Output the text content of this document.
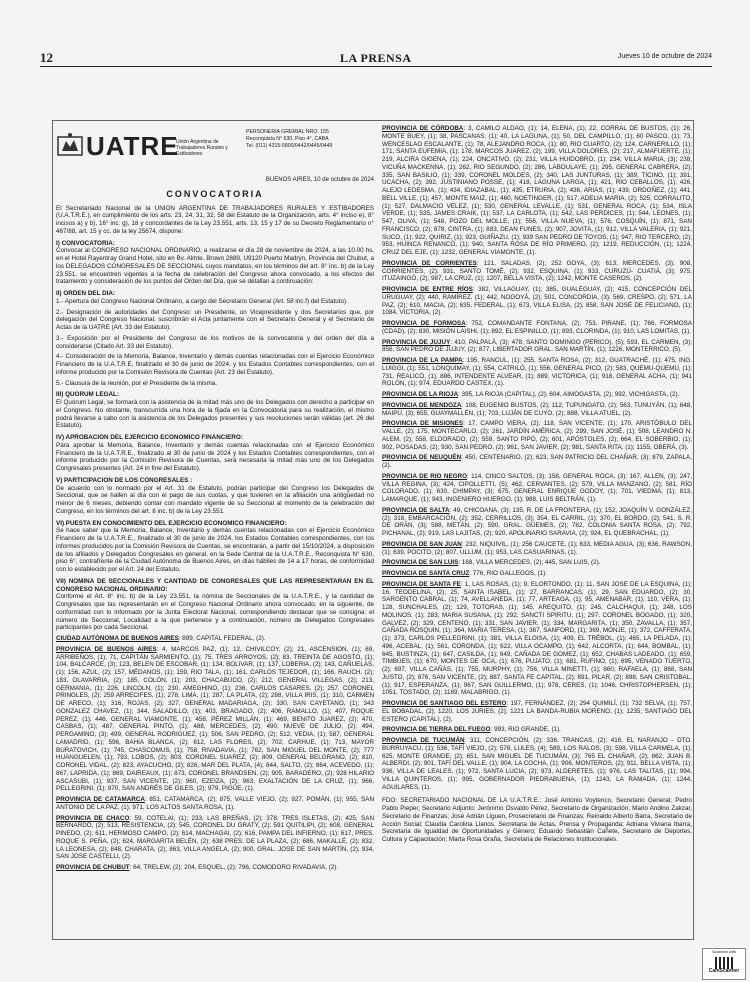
12	LA PRENSA	Jueves 10 de octubre de 2024
UATRE
Unión Argentina de Trabajadores Rurales y Estibadores
PERSONERIA GREMIAL NRO. 155
Reconquista N° 630, Piso 4°, CABA
Tel. (011) 4315-5800/0442/0445/0449
BUENOS AIRES, 10 de octubre de 2024
CONVOCATORIA

El Secretariado Nacional de la UNION ARGENTINA DE TRABAJADORES RURALES Y ESTIBADORES (U.A.T.R.E.), en cumplimiento de los arts. 23, 24, 31, 32, 58 del Estatuto de la Organización, arts. 4° inciso e), 8° incisos a) y b), 16° inc. g), 18 y concordantes de la Ley 23.551, arts. 13, 15 y 17 de su Decreto Reglamentario n° 467/88, art. 15 y cc. de la ley 25674, dispone:

I) CONVOCATORIA:

Convocar al CONGRESO NACIONAL ORDINARIO, a realizarse el día 28 de noviembre de 2024, a las 10.00 hs, en el Hotel Rayentray Grand Hotel, sito en Bv. Almte. Brown 2889, U9120 Puerto Madryn, Provincia del Chubut, a los DELEGADOS CONGRESALES DE SECCIONAL cuyos mandatos, en los términos del art. 8° inc. b) de la Ley 23.551, se encuentren vigentes a la fecha de celebración del Congreso ahora convocado, a los efectos del tratamiento y consideración de los puntos del Orden del Día, que se detallan a continuación:

II) ORDEN DEL DIA:

1.- Apertura del Congreso Nacional Ordinario, a cargo del Secretario General (Art. 58 inc.f) del Estatuto).

2.- Designación de autoridades del Congreso: un Presidente, un Vicepresidente y dos Secretarios que, por delegación del Congreso Nacional, suscribirán el Acta juntamente con el Secretario General y el Secretario de Actas de la UATRE (Art. 33 del Estatuto).

3.- Exposición por el Presidente del Congreso de los motivos de la convocatoria y del orden del día a considerarse (Citado Art. 33 del Estatuto).

4.- Consideración de la Memoria, Balance, Inventario y demás cuentas relacionadas con el Ejercicio Económico Financiero de la U.A.T.R.E, finalizado el 30 de junio de 2024, y los Estados Contables correspondientes, con el informe producido por la Comisión Revisora de Cuentas (Art. 23 del Estatuto).

5.- Clausura de la reunión, por el Presidente de la misma.

III) QUORUM LEGAL:

El Quórum Legal, se formará con la asistencia de la mitad más uno de los Delegados con derecho a participar en el Congreso. No obstante, transcurrida una hora de la fijada en la Convocatoria para su realización, el mismo podrá llevarse a cabo con la asistencia de los Delegados presentes y sus resoluciones serán válidas (art. 26 del Estatuto).

IV) APROBACION DEL EJERCICIO ECONOMICO FINANCIERO:

Para aprobar la Memoria, Balance, Inventario y demás cuentas relacionadas con el Ejercicio Económico Financiero de la U.A.T.R.E., finalizado al 30 de junio de 2024 y los Estados Contables correspondientes, con el informe producido por la Comisión Revisora de Cuentas, será necesaria la mitad más uno de los Delegados Congresales presentes (Art. 24 in fine del Estatuto).

V) PARTICIPACION DE LOS CONGRESALES :

De acuerdo con lo normado por el Art. 31 de Estatuto, podrán participar del Congreso los Delegados de Seccional, que se hallen al día con el pago de sus cuotas, y que tuvieren en la afiliación una antigüedad no menor de 6 meses, debiendo contar con mandato vigente de su Seccional al momento de la celebración del Congreso, en los términos del art. 8 inc. b) de la Ley 23.551.

VI) PUESTA EN CONOCIMIENTO DEL EJERCICIO ECONOMICO FINANCIERO:

Se hace saber que la Memoria, Balance, Inventario y demás cuentas relacionadas con el Ejercicio Económico Financiero de la U.A.T.R.E., finalizado el 30 de junio de 2024, los Estados Contables correspondientes, con los informes producidos por la Comisión Revisora de Cuentas, se encontrarán, a partir del 15/10/2024, a disposición de los afiliados y Delegados Congresales en general, en la Sede Central de la U.A.T.R.E., Reconquista N° 630, piso 6°, contrafrente de la Ciudad Autónoma de Buenos Aires, en días hábiles de 14 a 17 horas, de conformidad con lo establecido por el Art. 24 del Estatuto.

VII) NOMINA DE SECCIONALES Y CANTIDAD DE CONGRESALES QUE LAS REPRESENTARAN EN EL CONGRESO NACIONAL ORDINARIO:

Conforme el Art. 8° inc. b) de la Ley 23.551, la nómina de Seccionales de la U.A.T.R.E., y la cantidad de Congresales que las representarán en el Congreso Nacional Ordinario ahora convocado, en la siguiente, de conformidad con lo informado por la Junta Electoral Nacional, correspondiendo destacar que se consigna: el número de Seccional, Localidad a la que pertenece y a continuación, número de Delegados Congresales participantes por cada Seccional.

CIUDAD AUTÓNOMA DE BUENOS AIRES: 899, CAPITAL FEDERAL, (2).

PROVINCIA DE BUENOS AIRES: 4, MARCOS PAZ, (1); 12, CHIVILCOY, (2); 21, ASCENSION, (1); 69, ARRIBEÑOS, (1); 71, CAPITÁN SARMIENTO, (1); 75, TRES ARROYOS, (2); 83, TREINTA DE AGOSTO, (1); 104, BALCARCE, (3); 123, BELEN DE ESCOBAR, (1); 134, BOLIVAR, (1); 137, LOBERIA, (2); 143, CAÑUELAS, (1); 156, AZUL, (2); 157, MÉDANOS, (1); 159, RIO TALA, (1); 161, CARLOS TEJEDOR, (1); 166, RAUCH, (2); 183, OLAVARRIA, (2); 185, COLÓN, (1); 203, CHACABUCO, (2); 212, GENERAL VILLEGAS, (2); 213, GERMANIA, (1); 226, LINCOLN, (1); 230, AMEGHINO, (1); 236, CARLOS CASARES, (2); 257, CORONEL PRINGLES, (2); 259 ARRECIFES, (1); 278, LIMA, (1); 287, LA PLATA, (2); 288, VILLA IRIS, (1); 310, CARMEN DE ARECO, (1); 316, ROJAS, (2); 327, GENERAL MADARIAGA, (2); 330, SAN CAYETANO, (1); 343 GONZALEZ CHAVEZ, (1); 344, SALADILLO, (1); 403, BRAGADO, (2); 406, RAMALLO, (1); 407, ROQUE PEREZ, (1); 446, GENERAL VIAMONTE, (1); 458, PÉREZ MILLÁN, (1); 469, BENITO JUAREZ, (2); 470, CASBAS, (1); 487, GENERAL PINTO, (1); 488, MERCEDES, (2); 490, NUEVE DE JULIO, (2); 494, PERGAMINO, (3); 499, GENERAL RODRIGUEZ, (1); 506, SAN PEDRO, (2); 512, VEDIA, (1); 587, GENERAL LAMADRID, (1); 596, BAHIA BLANCA, (2); 612, LAS FLORES, (2); 702, CARHUE, (1); 713, MAYOR BURATOVICH, (1); 745, CHASCOMUS, (1); 758, RIVADAVIA, (1); 762, SAN MIGUEL DEL MONTE, (2); 777 HUANGUELEN, (1); 793, LOBOS, (2); 803, CORONEL SUAREZ, (2); 809, GENERAL BELGRANO, (2); 810, CORONEL VIDAL, (2); 823, AYACUCHO, (2); 826, MAR DEL PLATA, (4); 844, SALTO, (2); 864, ACEVEDO, (1); 867, LAPRIDA, (1); 869, DAIREAUX, (1); 873, CORONEL BRANDSEN, (2); 905, BARADERO, (2); 928 HILARIO ASCASUBI, (1); 937, SAN VICENTE, (2); 960, EZEIZA, (2); 963, EXALTACIÓN DE LA CRUZ, (1); 966, PELLEGRINI, (1); 970, SAN ANDRÉS DE GILES, (2); 979, PIGÜE, (1).

PROVINCIA DE CATAMARCA: 851, CATAMARCA, (2); 875, VALLE VIEJO, (2); 927, POMÁN, (1); 955, SAN ANTONIO DE LA PAZ, (1); 971, LOS ALTOS SANTA ROSA, (1).

PROVINCIA DE CHACO: 59, COTELAI, (1); 233, LAS BREÑAS, (2); 378, TRES ISLETAS, (2); 425, SAN BERNARDO, (2); 513, RESISTENCIA, (2); 545, CORONEL DU GRATY, (2); 591 QUITILIPI, (2); 608, GENERAL PINEDO, (2); 611, HERMOSO CAMPO, (2); 614, MACHAGAI, (2); 616, PAMPA DEL INFIERNO, (1); 617, PRES. ROQUE S. PEÑA, (2); 624, MARGARITA BELÉN, (2); 638 PRES. DE LA PLAZA, (2); 686, MAKALLÉ, (2); 832, LA LEONESA, (2); 848, CHARATA, (2); 863, VILLA ANGELA, (2); 900, GRAL. JOSE DE SAN MARTÍN, (2); 934, SAN JOSE CASTELLI, (2).

PROVINCIA DE CHUBUT: 64, TRELEW, (2); 204, ESQUEL, (2); 796, COMODORO RIVADAVIA, (2).

PROVINCIA DE CÓRDOBA: 3, CAMILO ALDAO, (1); 14, ELENA, (1); 22, CORRAL DE BUSTOS, (1); 26, MONTE BUEY, (1); 38, PASCANAS, (1); 40, LA LAGUNA, (1); 50, DEL CAMPILLO, (1); 60 PASCO, (1); 73, WENCESLAO ESCALANTE, (1); 78, ALEJANDRO ROCA, (1); 80, RIO CUARTO, (2); 124, CARNERILLO, (1); 171, SANTA EUFEMIA, (1); 178, MARCOS JUAREZ, (2); 199, VILLA DOLORES, (2); 217, ALMAFUERTE, (1); 219, ALCIRA GIGENA, (1); 224, ONCATIVO, (2); 231, VILLA HUIDOBRO, (1); 234, VILLA MARIA, (3); 238, VICUÑA MACKENNA, (1); 262, RIO SEGUNDO, (2); 286, LABOULAYE, (1); 295, GENERAL CABRERA, (2); 335, SAN BASILIO, (1); 339, CORONEL MOLDES, (2); 340, LAS JUNTURAS, (1); 389, TICINO, (1); 391, UCACHA, (2); 392, JUSTINIANO POSSE, (1); 418, LAGUNA LARGA, (1); 421, RIO CEBALLOS, (1); 426, ALEJO LEDESMA, (1); 434, IDIAZABAL, (1); 435, ETRURIA, (2); 436, ARIAS, (1); 439, ORDOÑEZ, (1); 441, BELL VILLE, (1); 457, MONTE MAIZ, (1); 460, NOETINGER, (1); 517, ADELIA MARIA, (2); 525, CORRALITO, (1); 527, DALMACIO VELEZ, (1); 530, GENERAL LEVALLE, (1); 531, GENERAL ROCA, (1); 534, ISLA VERDE, (1); 535, JAMES CRAIK, (1); 537, LA CARLOTA, (1); 542, LAS PERDICES, (1); 544, LEONES, (1); 547, OLIVA, (1); 548, POZO DEL MOLLE, (1); 556, VILLA NUEVA, (1); 576, COSQUÍN, (1); 871, SAN FRANCISCO, (2); 878, CINTRA, (1); 883, DEAN FUNES, (2); 907, JOVITA, (1); 912, VILLA VALERIA, (1); 921, SUCO, (1); 922, QUIRIZ, (1); 923, GUIÑAZU, (1); 939 SAN PEDRO DE TOYOS, (1); 947, RIO TERCERO, (2); 953, HUINCA RENANCÓ, (1); 940, SANTA ROSA DE RÍO PRIMERO, (2); 1219, REDUCCIÓN, (1); 1224, CRUZ DEL EJE, (1); 1232, GENERAL VIAMONTE, (1).

PROVINCIA DE CORRIENTES: 121, SALADAS, (2); 252 GOYA, (3); 613, MERCEDES, (3); 908, CORRIENTES, (2); 931, SANTO TOMÉ, (2); 932, ESQUINA, (1); 933, CURUZÚ- CUATIÁ, (3); 975, ITUZAINGÓ, (2); 987, LA CRUZ, (1); 1207, BELLA VISTA, (2); 1242, MONTE CASEROS, (2).

PROVINCIA DE ENTRE RÍOS: 382, VILLAGUAY, (1); 385, GUALEGUAY, (2); 415, CONCEPCIÓN DEL URUGUAY, (2); 440, RAMÍREZ, (1); 442, NOGOYÁ, (2); 501, CONCORDIA, (3); 569, CRESPO, (2); 571, LA PAZ, (2); 610, MACIA, (2); 635, FEDERAL, (1); 673, VILLA ELISA, (2); 858, SAN JOSÉ DE FELICIANO, (1); 1084, VICTORIA, (2).

PROVINCIA DE FORMOSA: 752, COMANDANTE FONTANA, (2); 753, PIRANE, (1); 786, FORMOSA (CDAD), (2); 830, MISIÓN LAISHI, (1); 892, EL ESPINILLO, (1); 893, CLORINDA, (1); 910, LAS LOMITAS, (1).

PROVINCIA DE JUJUY: 410, PALPALÁ, (3); 478, SANTO DOMINGO (PERICO), (5); 593, EL CARMEN, (3); 856, SAN PEDRO DE JUJUY, (2); 877, LIBERTADOR GRAL. SAN MARTÍN, (1); 1226, MONTERRICO, (5).

PROVINCIA DE LA PAMPA: 195, RANCUL, (1); 255, SANTA ROSA, (2); 312, GUATRACHÉ, (1); 475, ING. LUIGGI, (1); 551, LONQUIMAY, (1); 554, CATRILÓ, (1); 556, GENERAL PICO, (2); 583, QUEMU-QUEMU, (1); 731, REALICÓ, (1); 886, INTENDENTE ALVEAR, (1); 889, VICTORICA, (1); 918, GENERAL ACHA, (1); 941 ROLÓN, (1); 974, EDUARDO CASTEX, (1).

PROVINCIA DE LA RIOJA: 395, LA RIOJA (CAPITAL), (2); 604, AIMOGASTA, (2); 992, VICHIGASTA, (2).

PROVINCIA DE MENDOZA: 108, EUGENIO BUSTOS, (2); 112, TUPUNGATO, (2); 563, TUNUYÁN, (1); 648, MAIPÚ, (3); 655, GUAYMALLÉN, (1); 703, LUJÁN DE CUYO, (2); 888, VILLA ATUEL, (2).

PROVINCIA DE MISIONES: 17, CAMPO VIERA, (2); 118, SAN VICENTE, (1); 170, ARISTÓBULO DEL VALLE, (2); 175, MONTECARLO, (2); 261, JARDÍN AMÉRICA, (2); 299, SAN JOSÉ, (1); 508, LEANDRO N. ALEM, (2); 558, ELDORADO, (2); 559, SANTO PIPÓ, (2); 601, APÓSTOLES, (2); 664, EL SOBERBIO, (1); 902, POSADAS, (2); 930, SAN PEDRO, (2); 961, SAN JAVIER, (2); 981, SANTA RITA, (1); 1155, OBERÁ, (3).

PROVINCIA DE NEUQUÉN: 450, CENTENARIO, (2); 623, SAN PATRICIO DEL CHAÑAR, (3); 879, ZAPALA, (2).

PROVINCIA DE RIO NEGRO: 114, CINCO SALTOS, (3); 158, GENERAL ROCA, (3); 167, ALLEN, (3); 247, VILLA REGINA, (3); 424, CIPOLLETTI, (5); 462, CERVANTES, (2); 579, VILLA MANZANO, (2); 581, RÍO COLORADO, (1); 630, CHIMPAY, (3); 675, GENERAL ENRIQUE GODOY, (1); 701, VIEDMA, (1); 813, LAMARQUE, (1); 943, INGENIERO HUERGO, (1); 988, LUIS BELTRÁN, (1).

PROVINCIA DE SALTA: 49, CHICOANA, (3); 135, R. DE LA FRONTERA, (1); 152, JOAQUÍN V. GONZÁLEZ, (2); 318, EMBARCACIÓN, (2); 352, CERRILLOS, (3); 354, EL CARRIL, (1); 370, EL BORDO, (2); 541, S. R. DE ORÁN, (3); 588, METÁN, (2); 590, GRAL. GÜEMES, (2); 782, COLONIA SANTA ROSA, (2); 792, PICHANAL, (2); 919, LAS LAJITAS, (2); 920, APOLINARIO SARAVIA, (2); 924, EL QUEBRACHAL, (1).

PROVINCIA DE SAN JUAN: 232, NIQUIVIL, (1); 256 CAUCETE, (1); 633, MEDIA AGUA, (3); 636, RAWSON, (1); 639, POCITO, (2); 807, ULLUM, (1); 953, LAS CASUARINAS, (1).

PROVINCIA DE SAN LUIS: 168, VILLA MERCEDES, (2); 445, SAN LUIS, (2).

PROVINCIA DE SANTA CRUZ: 776, RIO GALLEGOS, (1).

PROVINCIA DE SANTA FE: 1, LAS ROSAS, (1); 9, ELORTONDO, (1); 11, SAN JOSE DE LA ESQUINA, (1); 16, TEODELINA, (2); 25, SANTA ISABEL, (1); 27, BARRANCAS, (1); 29, SAN EDUARDO, (2); 30, SARGENTO CABRAL, (1); 74, AVELLANEDA, (1); 77, ARTEAGA, (1); 95, AMENABAR, (1); 110, VERA, (1); 128, SUNCHALES, (2); 129, TOTORAS, (1); 145, AREQUITO, (1); 245, CALCHAQUI, (1); 248, LOS MOLINOS, (1); 283, MARIA SUSANA, (1); 292, SANCTI SPIRITU, (1); 297, CORONEL BOGADO, (1); 320, GALVEZ, (2); 329, CENTENO, (1); 331, SAN JAVIER, (1); 334, MARGARITA, (1); 350, ZAVALLA, (1); 357, CAÑADA ROSQUIN, (1); 364, MARIA TERESA, (1); 367, SANFORD, (1); 369, MONJE, (1); 372, CAFFERATA, (1); 373, CARLOS PELLEGRINI, (1); 381, VILLA ELOISA, (1); 409, EL TRÉBOL, (1); 465, LA PELADA, (1); 496, ACEBAL, (1); 561, CORONDA, (1); 622, VILLA OCAMPO, (1); 642, ALCORTA, (1); 644, BOMBAL, (1); 645, BUSTINZA, (1); 647, CASILDA, (1); 649, CAÑADA DE GOMEZ, (1); 652, CHABAS LADEADO, (1); 659, TIMBÚES, (1); 670, MONTES DE OCA, (1); 676, PUJATO, (1); 681, RUFINO, (1); 695, VENADO TUERTO, (2); 697, VILLA CAÑÁS, (1); 755, MURPHY, (1); 756, VILLA MINETTI, (1); 860, RAFAELA, (1); 868, SAN JUSTO, (2); 876, SAN VICENTE, (2); 887, SANTA FE CAPITAL, (2); 891, PILAR, (2); 898, SAN CRISTOBAL, (1); 917, ESPERANZA, (1); 967, SAN GUILLERMO, (1); 978, CERES, (1); 1046, CHRISTOPHERSEN, (1); 1051, TOSTADO, (2); 1189, MALABRIGO, (1).

PROVINCIA DE SANTIAGO DEL ESTERO: 197, FERNÁNDEZ, (2); 294 QUIMILÍ, (1); 732 SELVA, (1); 757, EL BOBADAL, (2); 1220, LOS JURIES, (2); 1221 LA BANDA-RUBIA MORENO, (1); 1235, SANTIAGO DEL ESTERO (CAPITAL), (2).

PROVINCIA DE TIERRA DEL FUEGO: 993, RIO GRANDE, (1).

PROVINCIA DE TUCUMÁN: 311, CONCEPCIÓN, (2); 336, TRANCAS, (2); 416, EL NARANJO - DTO. BURRUYACU, (1); 536, TAFÍ VIEJO, (2); 578, LULES, (4); 589, LOS RALOS, (3); 598, VILLA CARMELA, (1); 625, MONTE GRANDE, (2); 651, SAN MIGUEL DE TUCUMÁN, (3); 765 EL CHAÑAR, (2); 862, JUAN B. ALBERDI, (2); 901, TAFÍ DEL VALLE, (1); 904, LA COCHA, (1); 906, MONTEROS, (2); 911, BELLA VISTA, (1); 936, VILLA DE LEALES, (1); 972, SANTA LUCIA, (2); 973, ALDERETES, (1); 976, LAS TALITAS, (1); 994, VILLA QUINTEROS, (1); 995, GOBERNADOR PIEDRABUENA, (1); 1243, LA RAMADA, (1); 1244, AGUILARES, (1).

FDO: SECRETARIADO NACIONAL DE LA U.A.T.R.E.: José Antonio Voytenco, Secretario General; Pedro Pablo Pieper, Secretario Adjunto; Jerónimo Osvaldo Pérez, Secretario de Organización; Mario Andino Zakzar, Secretario de Finanzas; José Adrián Liguen, Prosecretario de Finanzas; Reinaldo Alberto Barra, Secretario de Acción Social; Claudia Carolina Llanos, Secretaria de Actas, Prensa y Propaganda; Adriana Viviana Ibarra, Secretaria de Igualdad de Oportunidades y Género; Eduardo Sebastián Cañete, Secretario de Deportes, Cultura y Capacitación; Marta Rosa Graña, Secretaria de Relaciones Institucionales.

Scanned with
CamScanner
